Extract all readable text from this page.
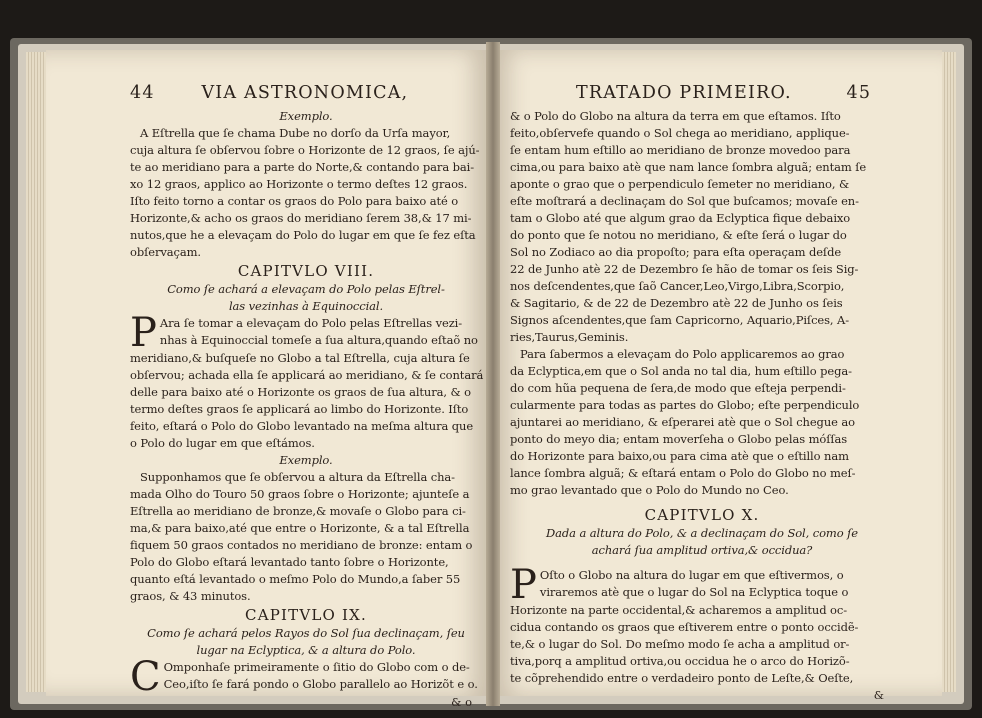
44	VIA ASTRONOMICA,
Exemplo.
A Eſtrella que ſe chama Dube no dorſo da Urſa mayor,
cuja altura ſe obſervou ſobre o Horizonte de 12 graos, ſe ajú-
te ao meridiano para a parte do Norte,& contando para bai-
xo 12 graos, applico ao Horizonte o termo deſtes 12 graos.
Iſto feito torno a contar os graos do Polo para baixo até o
Horizonte,& acho os graos do meridiano ſerem 38,& 17 mi-
nutos,que he a elevaçam do Polo do lugar em que ſe fez eſta
obſervaçam.
CAPITVLO VIII.
Como ſe achará a elevaçam do Polo pelas Eſtrel-
las vezinhas à Equinoccial.
P Ara ſe tomar a elevaçam do Polo pelas Eſtrellas vezi-
nhas à Equinoccial tomeſe a ſua altura,quando eſtaõ no
meridiano,& buſqueſe no Globo a tal Eſtrella, cuja altura ſe
obſervou; achada ella ſe applicará ao meridiano, & ſe contará
delle para baixo até o Horizonte os graos de ſua altura, & o
termo deſtes graos ſe applicará ao limbo do Horizonte. Iſto
feito, eſtará o Polo do Globo levantado na meſma altura que
o Polo do lugar em que eſtámos.
Exemplo.
Supponhamos que ſe obſervou a altura da Eſtrella cha-
mada Olho do Touro 50 graos ſobre o Horizonte; ajunteſe a
Eſtrella ao meridiano de bronze,& movaſe o Globo para ci-
ma,& para baixo,até que entre o Horizonte, & a tal Eſtrella
fiquem 50 graos contados no meridiano de bronze: entam o
Polo do Globo eſtará levantado tanto ſobre o Horizonte,
quanto eſtá levantado o meſmo Polo do Mundo,a ſaber 55
graos, & 43 minutos.
CAPITVLO IX.
Como ſe achará pelos Rayos do Sol ſua declinaçam, ſeu
lugar na Eclyptica, & a altura do Polo.
C Omponhaſe primeiramente o ſitio do Globo com o de-
Ceo,iſto ſe fará pondo o Globo parallelo ao Horizõt e o.
& o
TRATADO PRIMEIRO.	45
& o Polo do Globo na altura da terra em que eſtamos. Iſto
feito,obſervefe quando o Sol chega ao meridiano, applique-
ſe entam hum eſtillo ao meridiano de bronze movedoo para
cima,ou para baixo atè que nam lance ſombra alguã; entam ſe
aponte o grao que o perpendiculo ſemeter no meridiano, &
eſte moſtrará a declinaçam do Sol que buſcamos; movaſe en-
tam o Globo até que algum grao da Eclyptica fique debaixo
do ponto que ſe notou no meridiano, & eſte ſerá o lugar do
Sol no Zodiaco ao dia propoſto; para eſta operaçam deſde
22 de Junho atè 22 de Dezembro ſe hão de tomar os ſeis Sig-
nos deſcendentes,que ſaõ Cancer,Leo,Virgo,Libra,Scorpio,
& Sagitario, & de 22 de Dezembro atè 22 de Junho os ſeis
Signos aſcendentes,que ſam Capricorno, Aquario,Piſces, A-
ries,Taurus,Geminis.
Para ſabermos a elevaçam do Polo applicaremos ao grao
da Eclyptica,em que o Sol anda no tal dia, hum eſtillo pega-
do com hũa pequena de ſera,de modo que eſteja perpendi-
cularmente para todas as partes do Globo; eſte perpendiculo
ajuntarei ao meridiano, & eſperarei atè que o Sol chegue ao
ponto do meyo dia; entam moverſeha o Globo pelas móſſas
do Horizonte para baixo,ou para cima atè que o eſtillo nam
lance ſombra alguã; & eſtará entam o Polo do Globo no meſ-
mo grao levantado que o Polo do Mundo no Ceo.
CAPITVLO X.
Dada a altura do Polo, & a declinaçam do Sol, como ſe
achará ſua amplitud ortiva,& occidua?
P Oſto o Globo na altura do lugar em que eſtivermos, o
viraremos atè que o lugar do Sol na Eclyptica toque o
Horizonte na parte occidental,& acharemos a amplitud oc-
cidua contando os graos que eſtiverem entre o ponto occidẽ-
te,& o lugar do Sol. Do meſmo modo ſe acha a amplitud or-
tiva,porq a amplitud ortiva,ou occidua he o arco do Horizõ-
te cõprehendido entre o verdadeiro ponto de Leſte,& Oeſte,
&
